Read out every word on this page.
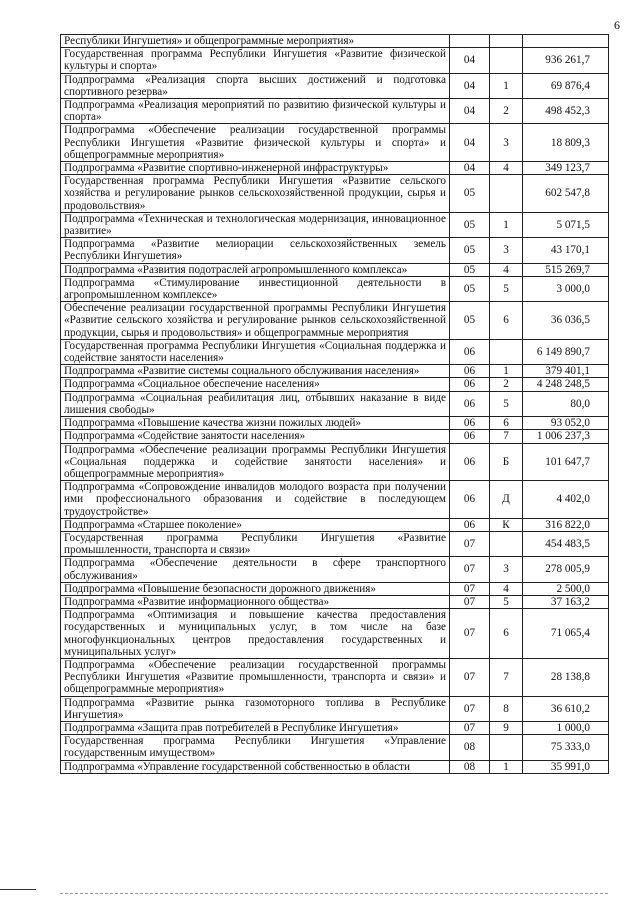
6
Республики Ингушетия» и общепрограммные мероприятия»			
Государственная программа Республики Ингушетия «Развитие физической культуры и спорта»	04		936 261,7
Подпрограмма «Реализация спорта высших достижений и подготовка спортивного резерва»	04	1	69 876,4
Подпрограмма «Реализация мероприятий по развитию физической культуры и спорта»	04	2	498 452,3
Подпрограмма «Обеспечение реализации государственной программы Республики Ингушетия «Развитие физической культуры и спорта» и общепрограммные мероприятия»	04	3	18 809,3
Подпрограмма «Развитие спортивно-инженерной инфраструктуры»	04	4	349 123,7
Государственная программа Республики Ингушетия «Развитие сельского хозяйства и регулирование рынков сельскохозяйственной продукции, сырья и продовольствия»	05		602 547,8
Подпрограмма «Техническая и технологическая модернизация, инновационное развитие»	05	1	5 071,5
Подпрограмма «Развитие мелиорации сельскохозяйственных земель Республики Ингушетия»	05	3	43 170,1
Подпрограмма «Развития подотраслей агропромышленного комплекса»	05	4	515 269,7
Подпрограмма «Стимулирование инвестиционной деятельности в агропромышленном комплексе»	05	5	3 000,0
Обеспечение реализации государственной программы Республики Ингушетия «Развитие сельского хозяйства и регулирование рынков сельскохозяйственной продукции, сырья и продовольствия» и общепрограммные мероприятия	05	6	36 036,5
Государственная программа Республики Ингушетия «Социальная поддержка и содействие занятости населения»	06		6 149 890,7
Подпрограмма «Развитие системы социального обслуживания населения»	06	1	379 401,1
Подпрограмма «Социальное обеспечение населения»	06	2	4 248 248,5
Подпрограмма «Социальная реабилитация лиц, отбывших наказание в виде лишения свободы»	06	5	80,0
Подпрограмма «Повышение качества жизни пожилых людей»	06	6	93 052,0
Подпрограмма «Содействие занятости населения»	06	7	1 006 237,3
Подпрограмма «Обеспечение реализации программы Республики Ингушетия «Социальная поддержка и содействие занятости населения» и общепрограммные мероприятия»	06	Б	101 647,7
Подпрограмма «Сопровождение инвалидов молодого возраста при получении ими профессионального образования и содействие в последующем трудоустройстве»	06	Д	4 402,0
Подпрограмма «Старшее поколение»	06	К	316 822,0
Государственная программа Республики Ингушетия «Развитие промышленности, транспорта и связи»	07		454 483,5
Подпрограмма «Обеспечение деятельности в сфере транспортного обслуживания»	07	3	278 005,9
Подпрограмма «Повышение безопасности дорожного движения»	07	4	2 500,0
Подпрограмма «Развитие информационного общества»	07	5	37 163,2
Подпрограмма «Оптимизация и повышение качества предоставления государственных и муниципальных услуг, в том числе на базе многофункциональных центров предоставления государственных и муниципальных услуг»	07	6	71 065,4
Подпрограмма «Обеспечение реализации государственной программы Республики Ингушетия «Развитие промышленности, транспорта и связи» и общепрограммные мероприятия»	07	7	28 138,8
Подпрограмма «Развитие рынка газомоторного топлива в Республике Ингушетия»	07	8	36 610,2
Подпрограмма «Защита прав потребителей в Республике Ингушетия»	07	9	1 000,0
Государственная программа Республики Ингушетия «Управление государственным имуществом»	08		75 333,0
Подпрограмма «Управление государственной собственностью в области	08	1	35 991,0
